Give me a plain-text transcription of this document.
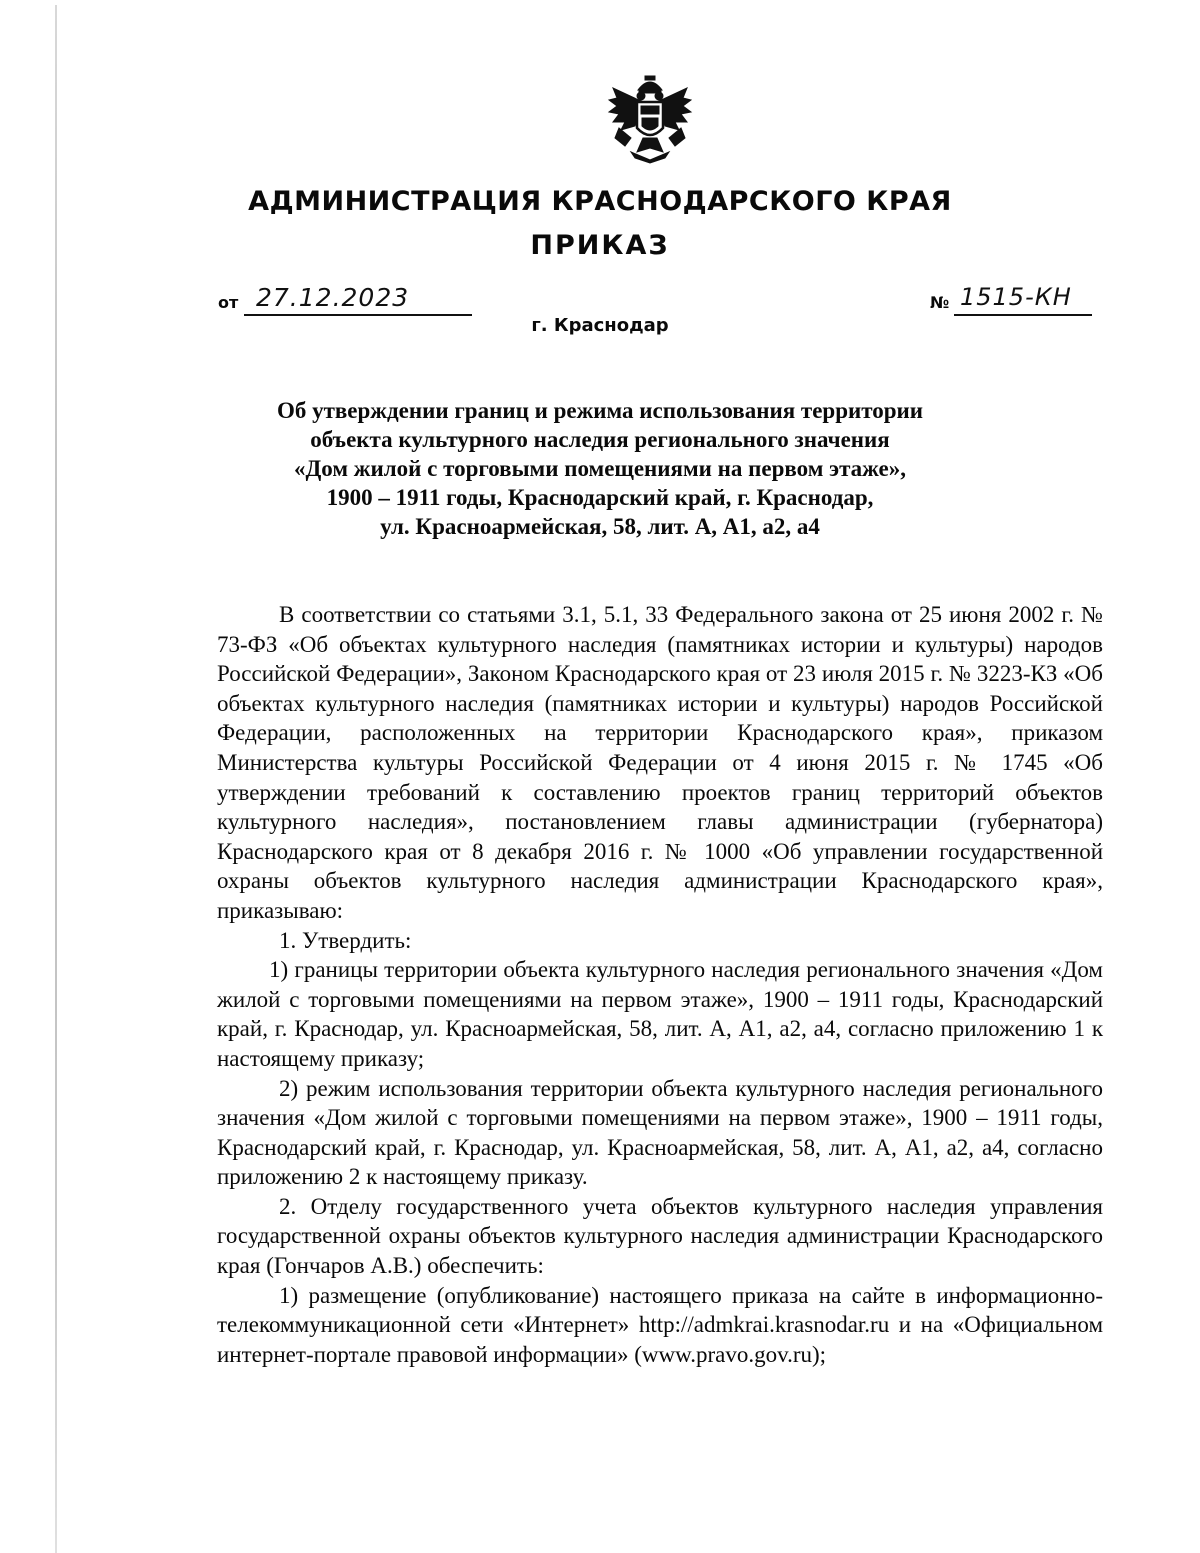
АДМИНИСТРАЦИЯ КРАСНОДАРСКОГО КРАЯ
ПРИКАЗ
от 27.12.2023	№ 1515-КН
г. Краснодар
Об утверждении границ и режима использования территории
объекта культурного наследия регионального значения
«Дом жилой с торговыми помещениями на первом этаже»,
1900 – 1911 годы, Краснодарский край, г. Краснодар,
ул. Красноармейская, 58, лит. А, А1, а2, а4

В соответствии со статьями 3.1, 5.1, 33 Федерального закона от 25 июня 2002 г. № 73-ФЗ «Об объектах культурного наследия (памятниках истории и культуры) народов Российской Федерации», Законом Краснодарского края от 23 июля 2015 г. № 3223-КЗ «Об объектах культурного наследия (памятниках истории и культуры) народов Российской Федерации, расположенных на территории Краснодарского края», приказом Министерства культуры Российской Федерации от 4 июня 2015 г. № 1745 «Об утверждении требований к составлению проектов границ территорий объектов культурного наследия», постановлением главы администрации (губернатора) Краснодарского края от 8 декабря 2016 г. № 1000 «Об управлении государственной охраны объектов культурного наследия администрации Краснодарского края», приказываю:

1. Утвердить:

1) границы территории объекта культурного наследия регионального значения «Дом жилой с торговыми помещениями на первом этаже», 1900 – 1911 годы, Краснодарский край, г. Краснодар, ул. Красноармейская, 58, лит. А, А1, а2, а4, согласно приложению 1 к настоящему приказу;

2) режим использования территории объекта культурного наследия регионального значения «Дом жилой с торговыми помещениями на первом этаже», 1900 – 1911 годы, Краснодарский край, г. Краснодар, ул. Красноармейская, 58, лит. А, А1, а2, а4, согласно приложению 2 к настоящему приказу.

2. Отделу государственного учета объектов культурного наследия управления государственной охраны объектов культурного наследия администрации Краснодарского края (Гончаров А.В.) обеспечить:

1) размещение (опубликование) настоящего приказа на сайте в информационно-телекоммуникационной сети «Интернет» http://admkrai.krasnodar.ru и на «Официальном интернет-портале правовой информации» (www.pravo.gov.ru);
